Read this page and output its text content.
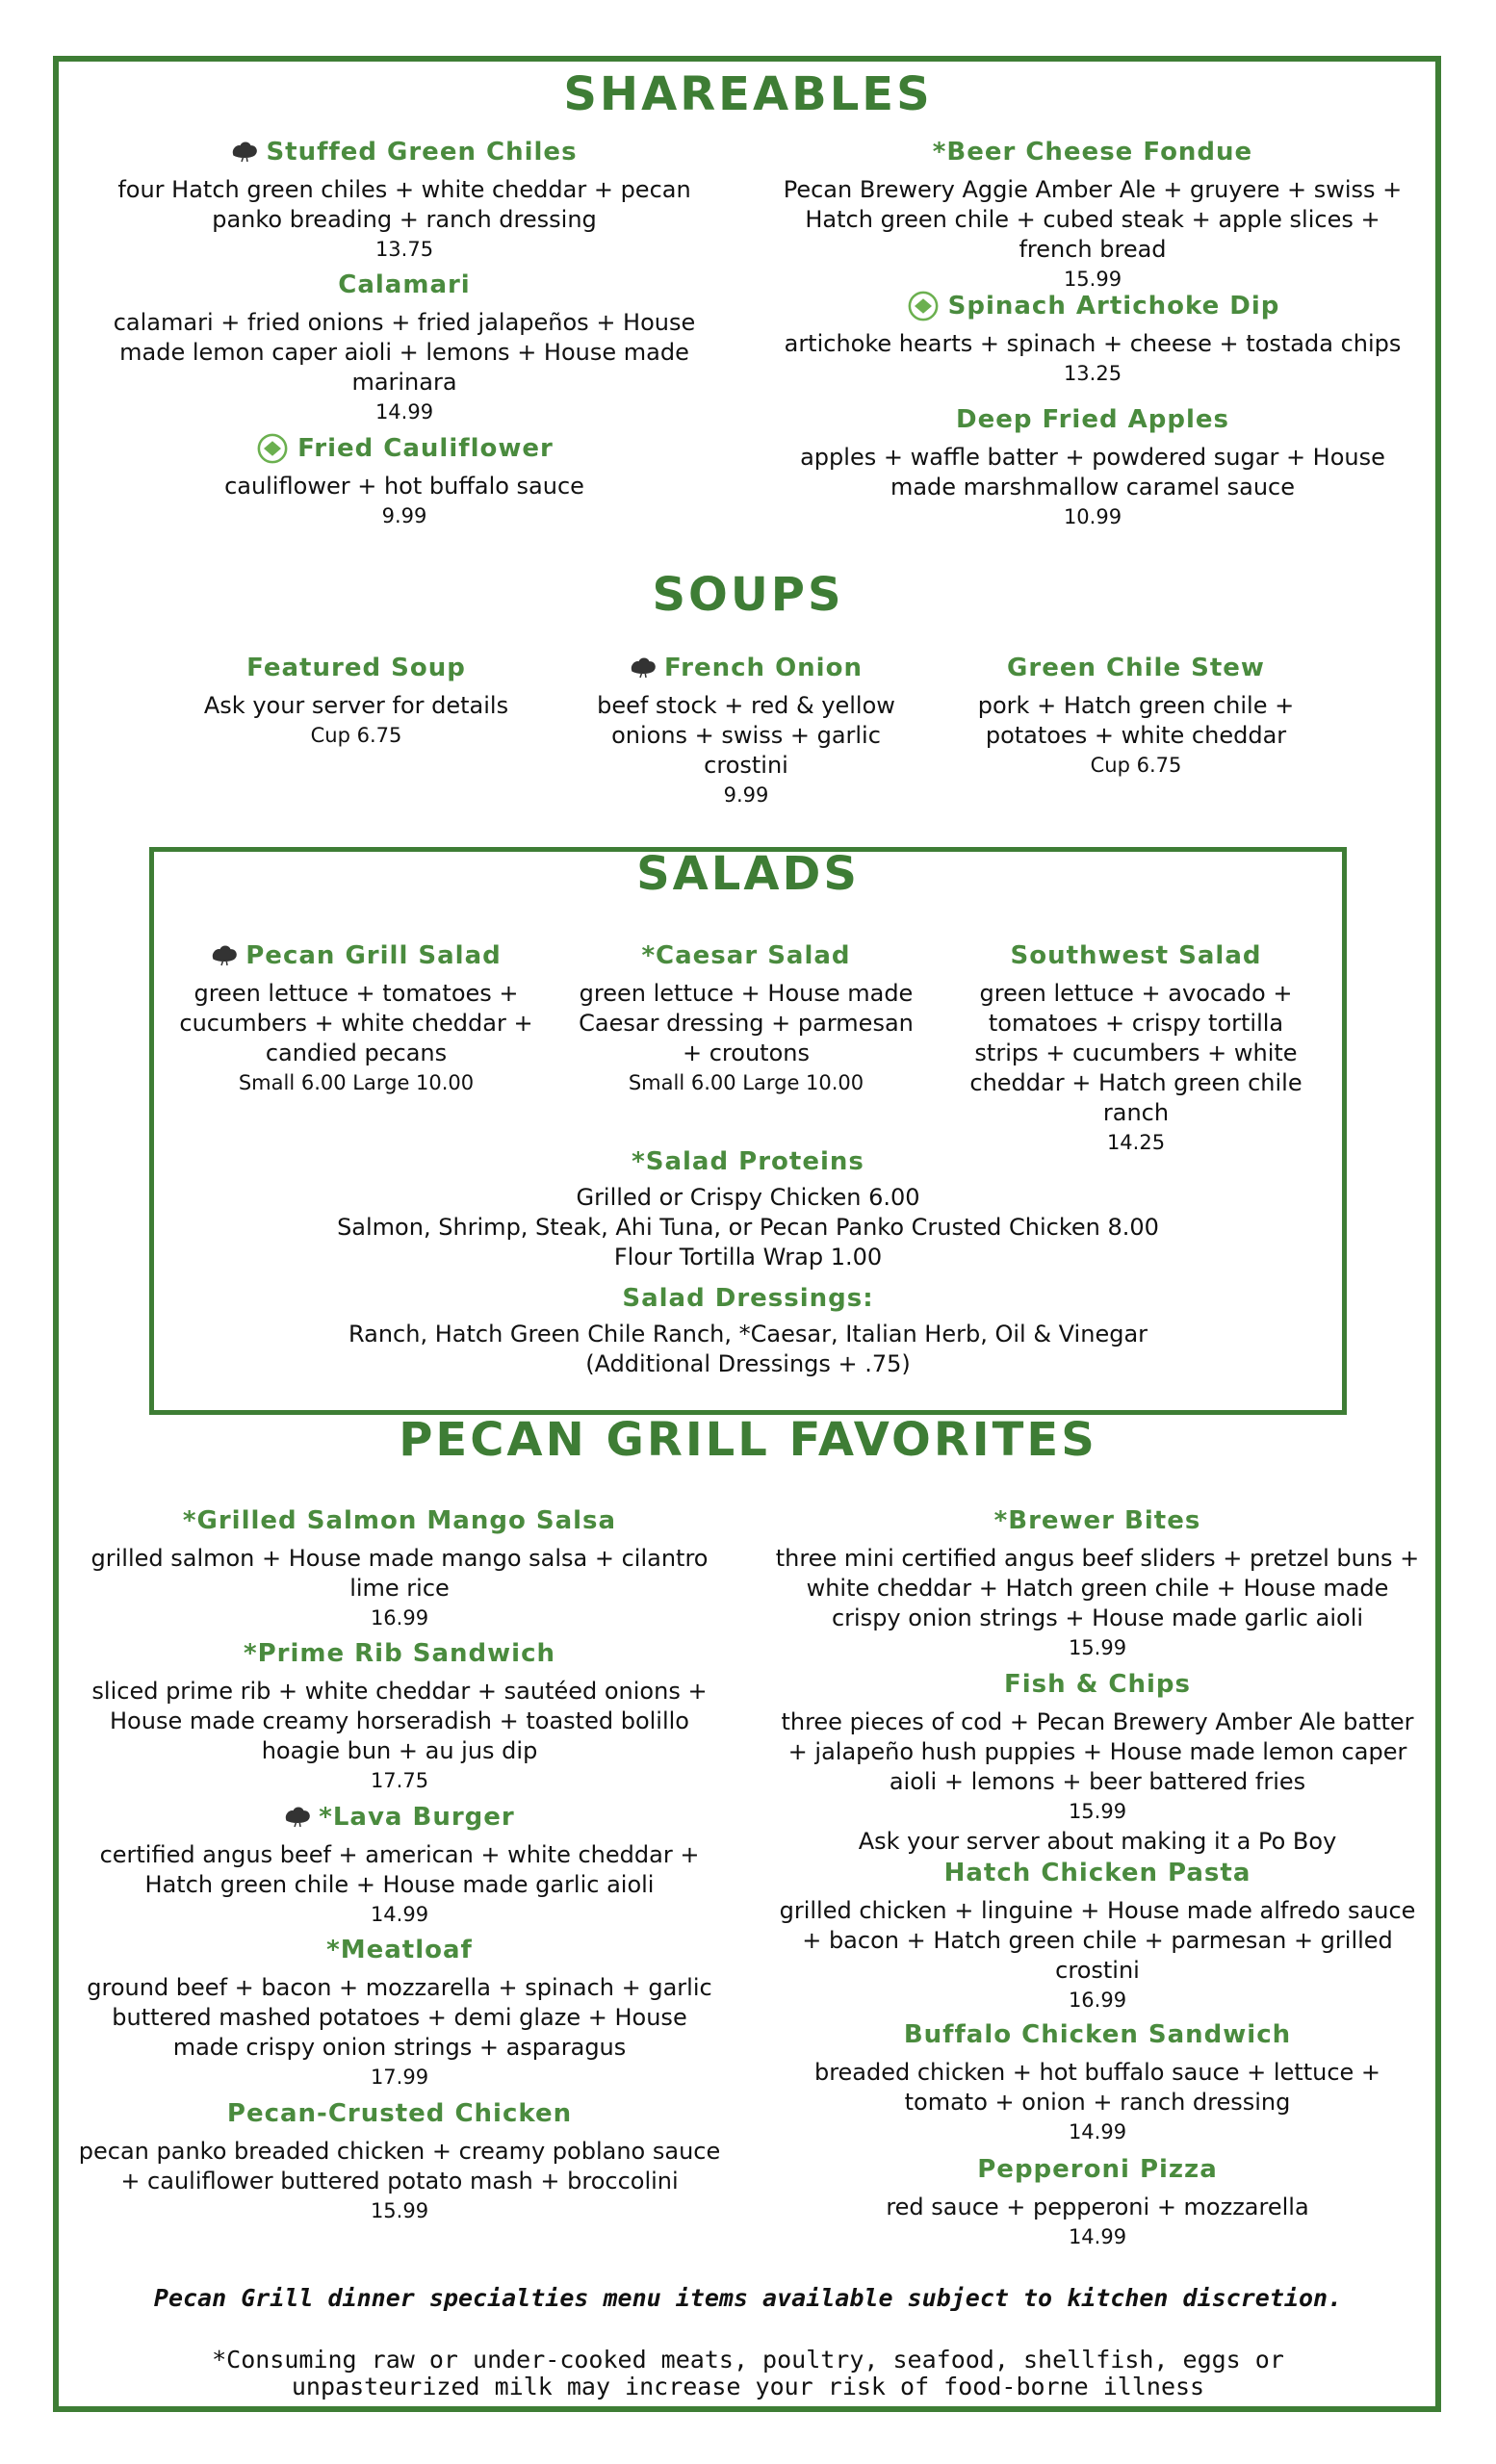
SHAREABLES
Stuffed Green Chiles
four Hatch green chiles + white cheddar + pecan panko breading + ranch dressing
13.75
Calamari
calamari + fried onions + fried jalapeños + House made lemon caper aioli + lemons + House made marinara
14.99
Fried Cauliflower
cauliflower + hot buffalo sauce
9.99
*Beer Cheese Fondue
Pecan Brewery Aggie Amber Ale + gruyere + swiss + Hatch green chile + cubed steak + apple slices + french bread
15.99
Spinach Artichoke Dip
artichoke hearts + spinach + cheese + tostada chips
13.25
Deep Fried Apples
apples + waffle batter + powdered sugar + House made marshmallow caramel sauce
10.99
SOUPS
Featured Soup
Ask your server for details
Cup 6.75
French Onion
beef stock + red & yellow onions + swiss + garlic crostini
9.99
Green Chile Stew
pork + Hatch green chile + potatoes + white cheddar
Cup 6.75
SALADS
Pecan Grill Salad
green lettuce + tomatoes + cucumbers + white cheddar + candied pecans
Small 6.00 Large 10.00
*Caesar Salad
green lettuce + House made Caesar dressing + parmesan + croutons
Small 6.00 Large 10.00
Southwest Salad
green lettuce + avocado + tomatoes + crispy tortilla strips + cucumbers + white cheddar + Hatch green chile ranch
14.25
*Salad Proteins
Grilled or Crispy Chicken 6.00
Salmon, Shrimp, Steak, Ahi Tuna, or Pecan Panko Crusted Chicken 8.00
Flour Tortilla Wrap 1.00
Salad Dressings:
Ranch, Hatch Green Chile Ranch, *Caesar, Italian Herb, Oil & Vinegar
(Additional Dressings + .75)
PECAN GRILL FAVORITES
*Grilled Salmon Mango Salsa
grilled salmon + House made mango salsa + cilantro lime rice
16.99
*Prime Rib Sandwich
sliced prime rib + white cheddar + sautéed onions + House made creamy horseradish + toasted bolillo hoagie bun + au jus dip
17.75
*Lava Burger
certified angus beef + american + white cheddar + Hatch green chile + House made garlic aioli
14.99
*Meatloaf
ground beef + bacon + mozzarella + spinach + garlic buttered mashed potatoes + demi glaze + House made crispy onion strings + asparagus
17.99
Pecan-Crusted Chicken
pecan panko breaded chicken + creamy poblano sauce + cauliflower buttered potato mash + broccolini
15.99
*Brewer Bites
three mini certified angus beef sliders + pretzel buns + white cheddar + Hatch green chile + House made crispy onion strings + House made garlic aioli
15.99
Fish & Chips
three pieces of cod + Pecan Brewery Amber Ale batter + jalapeño hush puppies + House made lemon caper aioli + lemons + beer battered fries
15.99
Ask your server about making it a Po Boy
Hatch Chicken Pasta
grilled chicken + linguine + House made alfredo sauce + bacon + Hatch green chile + parmesan + grilled crostini
16.99
Buffalo Chicken Sandwich
breaded chicken + hot buffalo sauce + lettuce + tomato + onion + ranch dressing
14.99
Pepperoni Pizza
red sauce + pepperoni + mozzarella
14.99
Pecan Grill dinner specialties menu items available subject to kitchen discretion.
*Consuming raw or under-cooked meats, poultry, seafood, shellfish, eggs or
unpasteurized milk may increase your risk of food-borne illness
